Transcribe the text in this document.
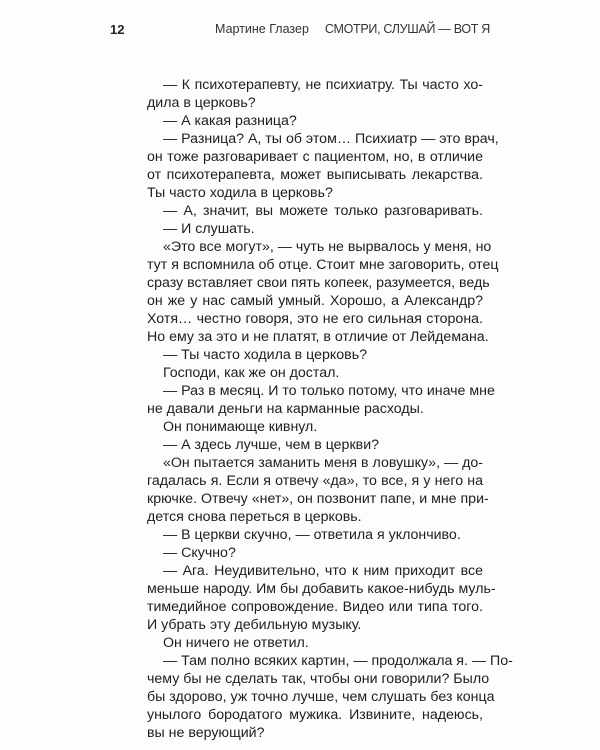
12	Мартине Глазер СМОТРИ, СЛУШАЙ — ВОТ Я
— К психотерапевту, не психиатру. Ты часто хо-
дила в церковь?
— А какая разница?
— Разница? А, ты об этом… Психиатр — это врач,
он тоже разговаривает с пациентом, но, в отличие
от психотерапевта, может выписывать лекарства.
Ты часто ходила в церковь?
— А, значит, вы можете только разговаривать.
— И слушать.
«Это все могут», — чуть не вырвалось у меня, но
тут я вспомнила об отце. Стоит мне заговорить, отец
сразу вставляет свои пять копеек, разумеется, ведь
он же у нас самый умный. Хорошо, а Александр?
Хотя… честно говоря, это не его сильная сторона.
Но ему за это и не платят, в отличие от Лейдемана.
— Ты часто ходила в церковь?
Господи, как же он достал.
— Раз в месяц. И то только потому, что иначе мне
не давали деньги на карманные расходы.
Он понимающе кивнул.
— А здесь лучше, чем в церкви?
«Он пытается заманить меня в ловушку», — до-
гадалась я. Если я отвечу «да», то все, я у него на
крючке. Отвечу «нет», он позвонит папе, и мне при-
дется снова переться в церковь.
— В церкви скучно, — ответила я уклончиво.
— Скучно?
— Ага. Неудивительно, что к ним приходит все
меньше народу. Им бы добавить какое-нибудь муль-
тимедийное сопровождение. Видео или типа того.
И убрать эту дебильную музыку.
Он ничего не ответил.
— Там полно всяких картин, — продолжала я. — По-
чему бы не сделать так, чтобы они говорили? Было
бы здорово, уж точно лучше, чем слушать без конца
унылого бородатого мужика. Извините, надеюсь,
вы не верующий?
